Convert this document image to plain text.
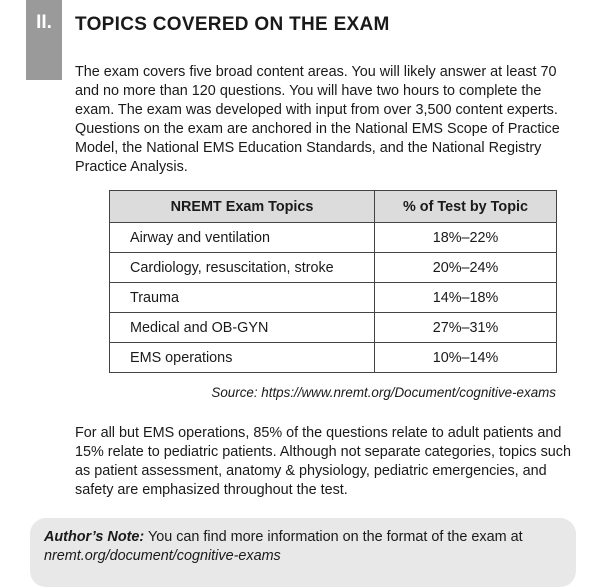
II.	TOPICS COVERED ON THE EXAM

The exam covers five broad content areas. You will likely answer at least 70 and no more than 120 questions. You will have two hours to complete the exam. The exam was developed with input from over 3,500 content experts. Questions on the exam are anchored in the National EMS Scope of Practice Model, the National EMS Education Standards, and the National Registry Practice Analysis.

NREMT Exam Topics	% of Test by Topic
Airway and ventilation	18%–22%
Cardiology, resuscitation, stroke	20%–24%
Trauma	14%–18%
Medical and OB-GYN	27%–31%
EMS operations	10%–14%

Source: https://www.nremt.org/Document/cognitive-exams

For all but EMS operations, 85% of the questions relate to adult patients and 15% relate to pediatric patients. Although not separate categories, topics such as patient assessment, anatomy & physiology, pediatric emergencies, and safety are emphasized throughout the test.

Author’s Note: You can find more information on the format of the exam at nremt.org/document/cognitive-exams
